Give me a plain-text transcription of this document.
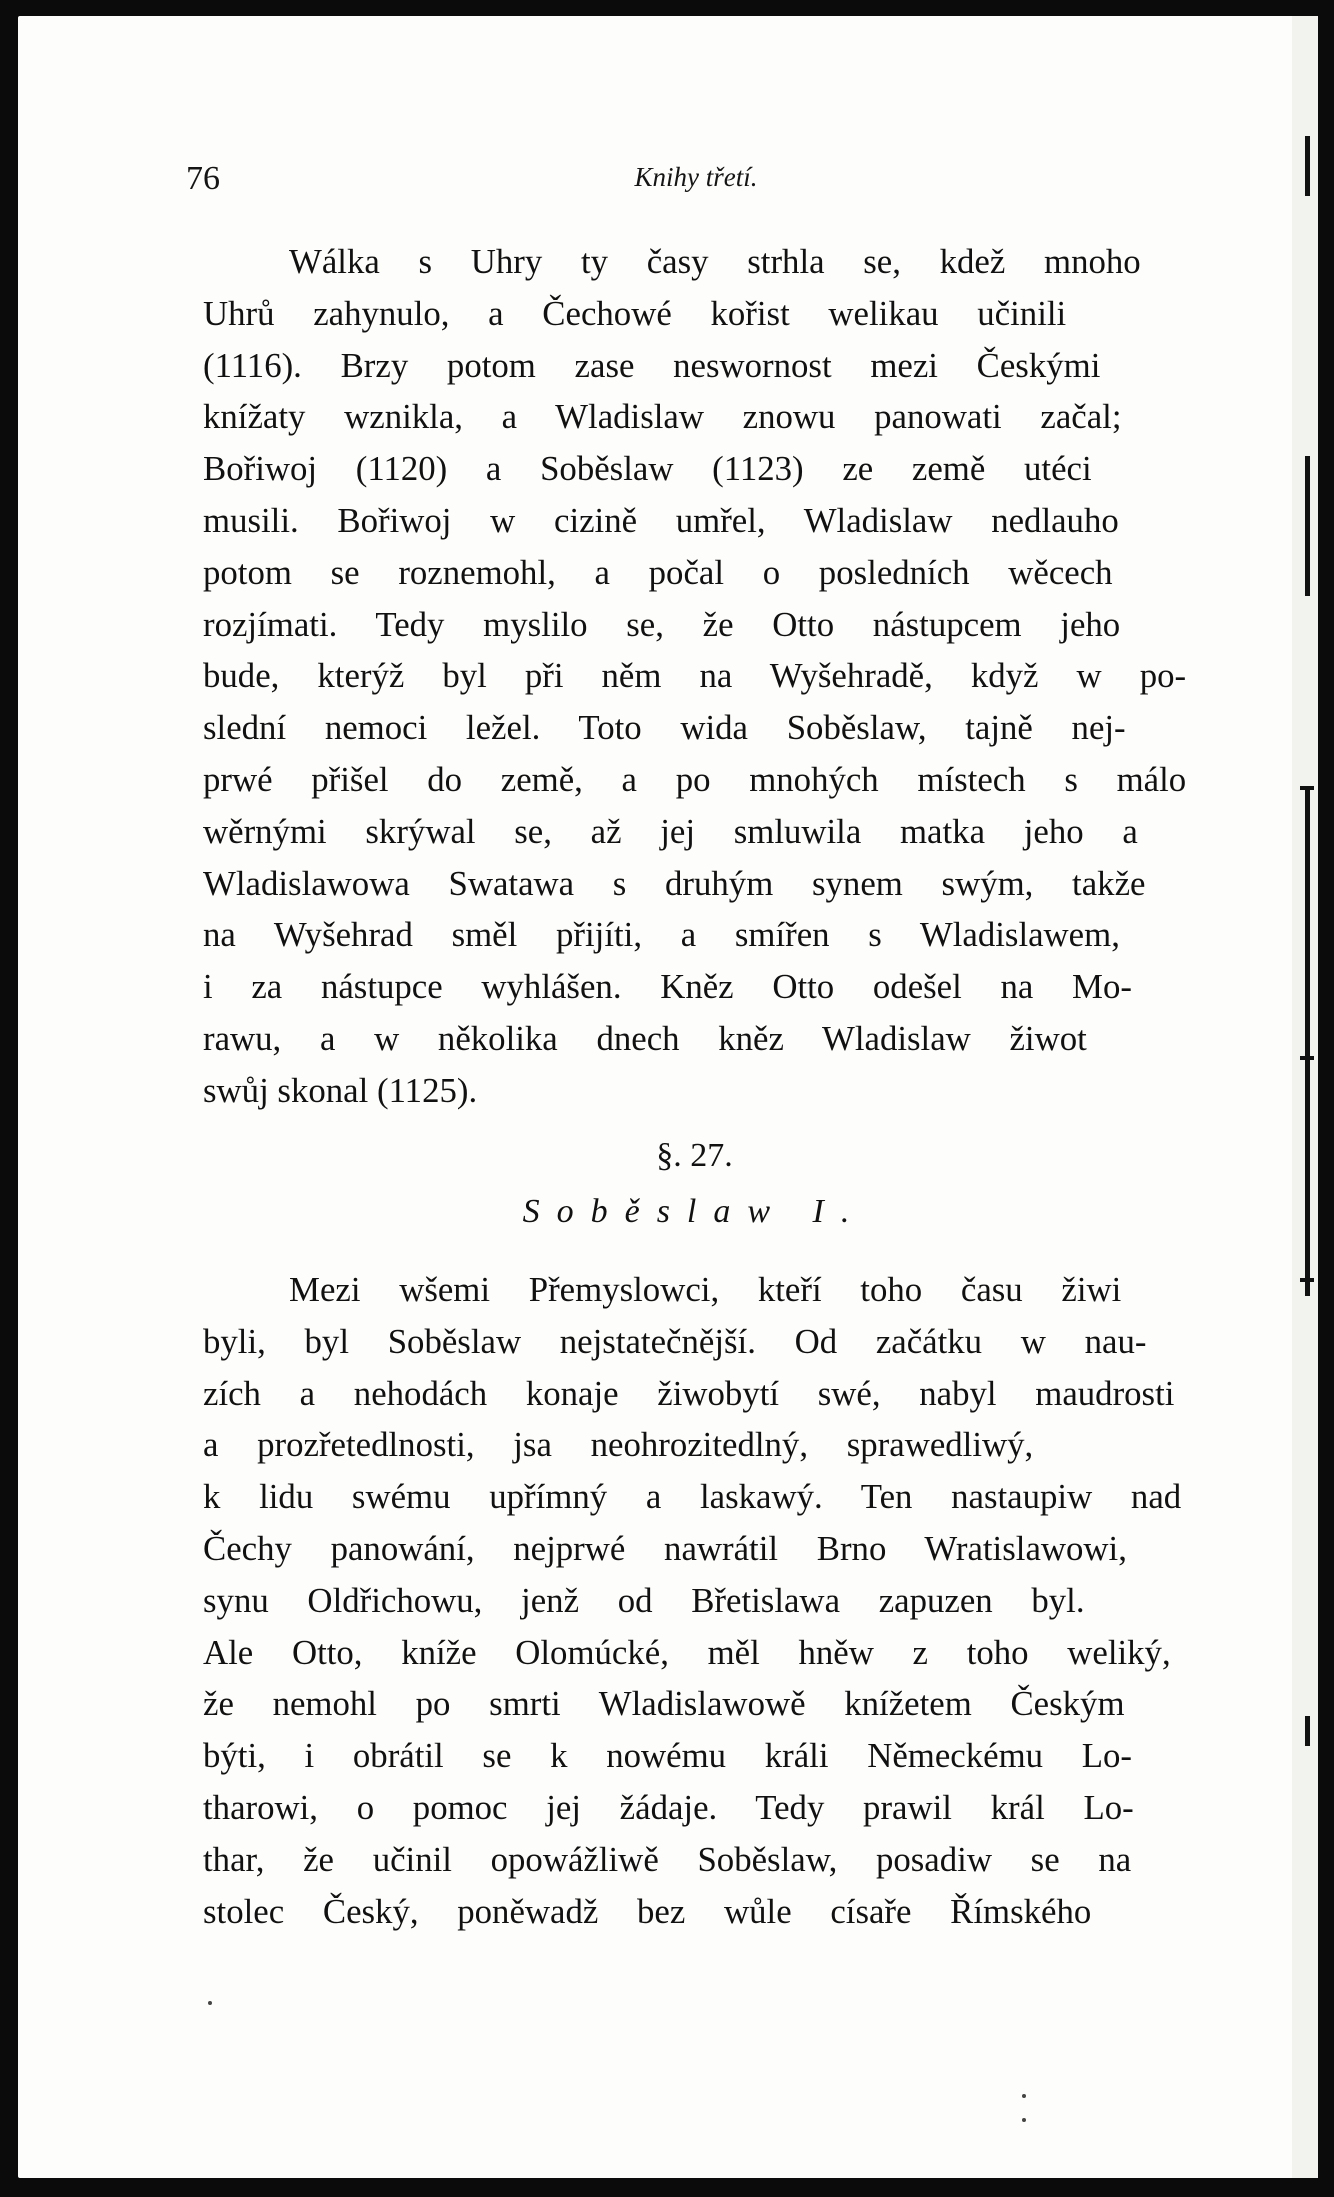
76	Knihy třetí.
Wálka s Uhry ty časy strhla se, kdež mnoho
Uhrů zahynulo, a Čechowé kořist welikau učinili
(1116). Brzy potom zase neswornost mezi Českými
knížaty wznikla, a Wladislaw znowu panowati začal;
Bořiwoj (1120) a Soběslaw (1123) ze země utéci
musili. Bořiwoj w cizině umřel, Wladislaw nedlauho
potom se roznemohl, a počal o posledních wěcech
rozjímati. Tedy myslilo se, že Otto nástupcem jeho
bude, kterýž byl při něm na Wyšehradě, když w po-
slední nemoci ležel. Toto wida Soběslaw, tajně nej-
prwé přišel do země, a po mnohých místech s málo
wěrnými skrýwal se, až jej smluwila matka jeho a
Wladislawowa Swatawa s druhým synem swým, takže
na Wyšehrad směl přijíti, a smířen s Wladislawem,
i za nástupce wyhlášen. Kněz Otto odešel na Mo-
rawu, a w několika dnech kněz Wladislaw žiwot
swůj skonal (1125).
§. 27.
Soběslaw I.
Mezi wšemi Přemyslowci, kteří toho času žiwi
byli, byl Soběslaw nejstatečnější. Od začátku w nau-
zích a nehodách konaje žiwobytí swé, nabyl maudrosti
a prozřetedlnosti, jsa neohrozitedlný, sprawedliwý,
k lidu swému upřímný a laskawý. Ten nastaupiw nad
Čechy panowání, nejprwé nawrátil Brno Wratislawowi,
synu Oldřichowu, jenž od Břetislawa zapuzen byl.
Ale Otto, kníže Olomúcké, měl hněw z toho weliký,
že nemohl po smrti Wladislawowě knížetem Českým
býti, i obrátil se k nowému králi Německému Lo-
tharowi, o pomoc jej žádaje. Tedy prawil král Lo-
thar, že učinil opowážliwě Soběslaw, posadiw se na
stolec Český, poněwadž bez wůle císaře Římského
